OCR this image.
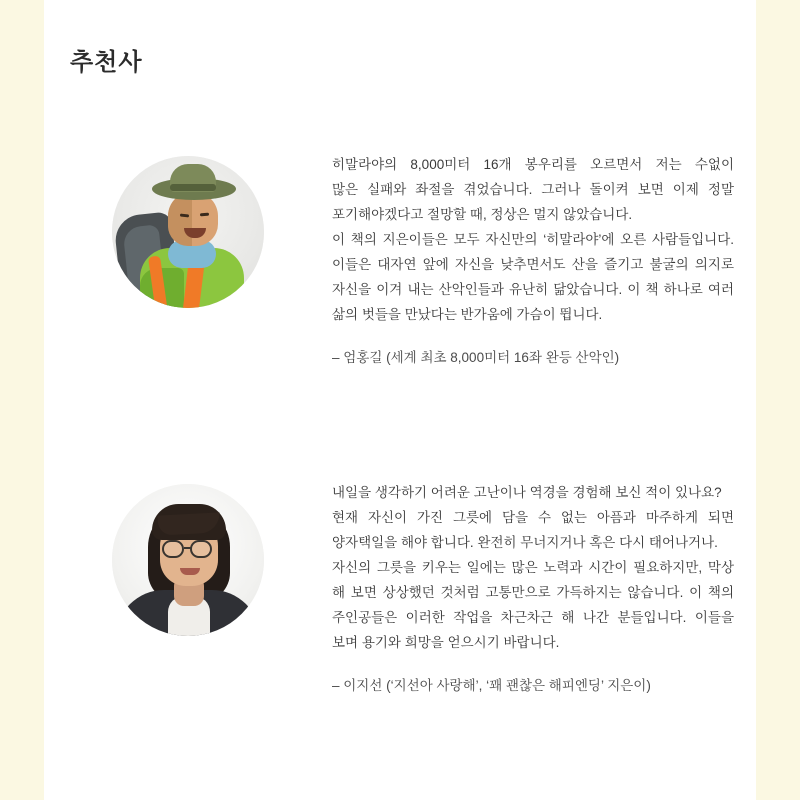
추천사
히말라야의 8,000미터 16개 봉우리를 오르면서 저는 수없이
많은 실패와 좌절을 겪었습니다. 그러나 돌이켜 보면 이제 정말
포기해야겠다고 절망할 때, 정상은 멀지 않았습니다.
이 책의 지은이들은 모두 자신만의 ‘히말라야’에 오른 사람들입니다.
이들은 대자연 앞에 자신을 낮추면서도 산을 즐기고 불굴의 의지로
자신을 이겨 내는 산악인들과 유난히 닮았습니다. 이 책 하나로 여러
삶의 벗들을 만났다는 반가움에 가슴이 뜁니다.
– 엄홍길 (세계 최초 8,000미터 16좌 완등 산악인)
내일을 생각하기 어려운 고난이나 역경을 경험해 보신 적이 있나요?
현재 자신이 가진 그릇에 담을 수 없는 아픔과 마주하게 되면
양자택일을 해야 합니다. 완전히 무너지거나 혹은 다시 태어나거나.
자신의 그릇을 키우는 일에는 많은 노력과 시간이 필요하지만, 막상
해 보면 상상했던 것처럼 고통만으로 가득하지는 않습니다. 이 책의
주인공들은 이러한 작업을 차근차근 해 나간 분들입니다. 이들을
보며 용기와 희망을 얻으시기 바랍니다.
– 이지선 (‘지선아 사랑해’, ‘꽤 괜찮은 해피엔딩’ 지은이)
